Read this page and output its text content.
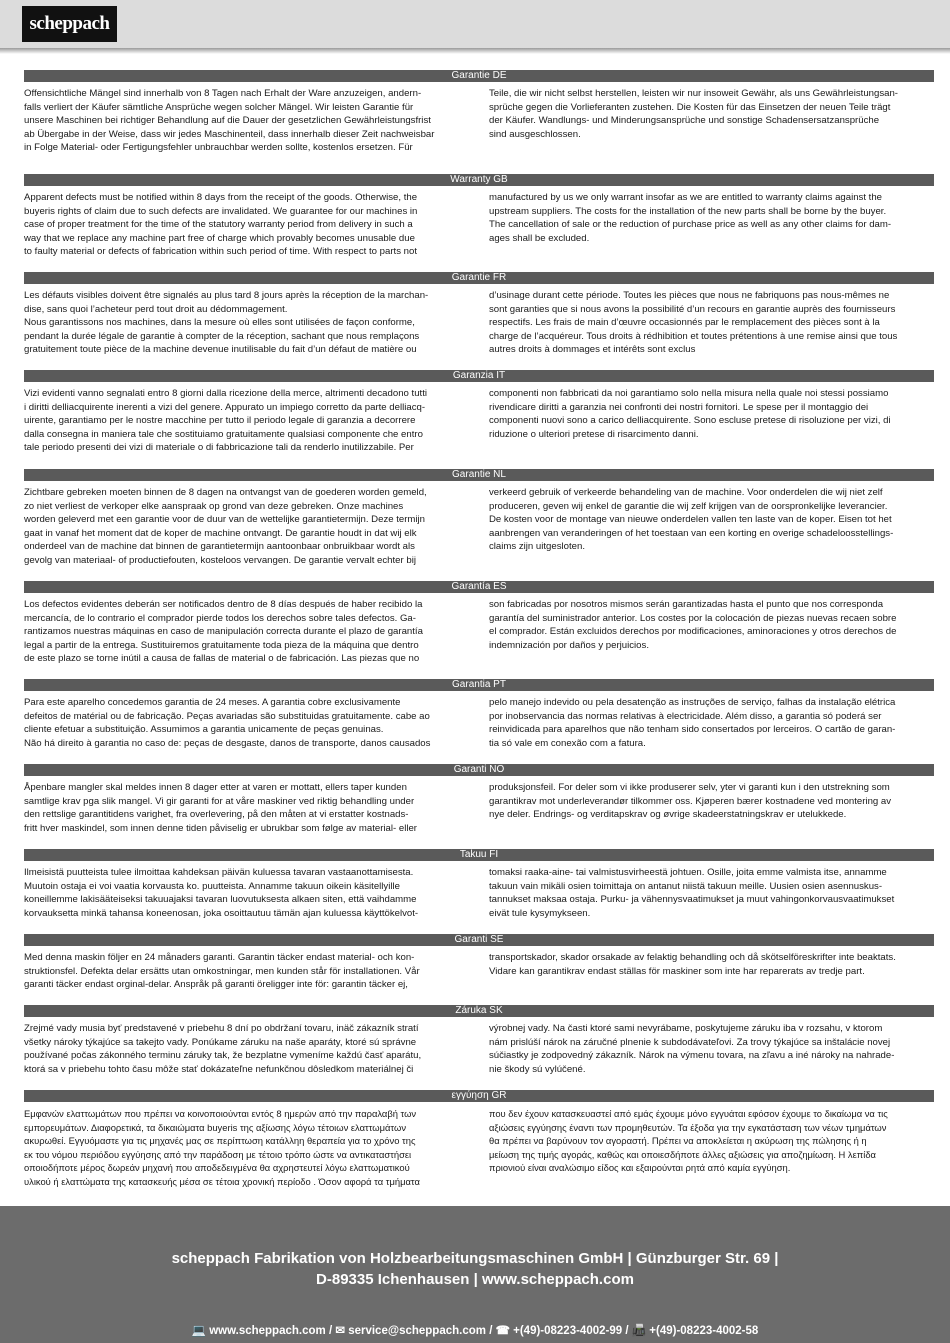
scheppach
Garantie DE
Offensichtliche Mängel sind innerhalb von 8 Tagen nach Erhalt der Ware anzuzeigen, andern-
falls verliert der Käufer sämtliche Ansprüche wegen solcher Mängel. Wir leisten Garantie für
unsere Maschinen bei richtiger Behandlung auf die Dauer der gesetzlichen Gewährleistungsfrist
ab Übergabe in der Weise, dass wir jedes Maschinenteil, dass innerhalb dieser Zeit nachweisbar
in Folge Material- oder Fertigungsfehler unbrauchbar werden sollte, kostenlos ersetzen. Für
Teile, die wir nicht selbst herstellen, leisten wir nur insoweit Gewähr, als uns Gewährleistungsan-
sprüche gegen die Vorlieferanten zustehen. Die Kosten für das Einsetzen der neuen Teile trägt
der Käufer. Wandlungs- und Minderungsansprüche und sonstige Schadensersatzansprüche
sind ausgeschlossen.
Warranty GB
Apparent defects must be notified within 8 days from the receipt of the goods. Otherwise, the
buyeris rights of claim due to such defects are invalidated. We guarantee for our machines in
case of proper treatment for the time of the statutory warranty period from delivery in such a
way that we replace any machine part free of charge which provably becomes unusable due
to faulty material or defects of fabrication within such period of time. With respect to parts not
manufactured by us we only warrant insofar as we are entitled to warranty claims against the
upstream suppliers. The costs for the installation of the new parts shall be borne by the buyer.
The cancellation of sale or the reduction of purchase price as well as any other claims for dam-
ages shall be excluded.
Garantie FR
Les défauts visibles doivent être signalés au plus tard 8 jours après la réception de la marchan-
dise, sans quoi l’acheteur perd tout droit au dédommagement.
Nous garantissons nos machines, dans la mesure où elles sont utilisées de façon conforme,
pendant la durée légale de garantie à compter de la réception, sachant que nous remplaçons
gratuitement toute pièce de la machine devenue inutilisable du fait d’un défaut de matière ou
d’usinage durant cette période. Toutes les pièces que nous ne fabriquons pas nous-mêmes ne
sont garanties que si nous avons la possibilité d’un recours en garantie auprès des fournisseurs
respectifs. Les frais de main d’œuvre occasionnés par le remplacement des pièces sont à la
charge de l’acquéreur. Tous droits à rédhibition et toutes prétentions à une remise ainsi que tous
autres droits à dommages et intérêts sont exclus
Garanzia IT
Vizi evidenti vanno segnalati entro 8 giorni dalla ricezione della merce, altrimenti decadono tutti
i diritti delliacquirente inerenti a vizi del genere. Appurato un impiego corretto da parte delliacq-
uirente, garantiamo per le nostre macchine per tutto il periodo legale di garanzia a decorrere
dalla consegna in maniera tale che sostituiamo gratuitamente qualsiasi componente che entro
tale periodo presenti dei vizi di materiale o di fabbricazione tali da renderlo inutilizzabile. Per
componenti non fabbricati da noi garantiamo solo nella misura nella quale noi stessi possiamo
rivendicare diritti a garanzia nei confronti dei nostri fornitori. Le spese per il montaggio dei
componenti nuovi sono a carico delliacquirente. Sono escluse pretese di risoluzione per vizi, di
riduzione o ulteriori pretese di risarcimento danni.
Garantie NL
Zichtbare gebreken moeten binnen de 8 dagen na ontvangst van de goederen worden gemeld,
zo niet verliest de verkoper elke aanspraak op grond van deze gebreken. Onze machines
worden geleverd met een garantie voor de duur van de wettelijke garantietermijn. Deze termijn
gaat in vanaf het moment dat de koper de machine ontvangt. De garantie houdt in dat wij elk
onderdeel van de machine dat binnen de garantietermijn aantoonbaar onbruikbaar wordt als
gevolg van materiaal- of productiefouten, kosteloos vervangen. De garantie vervalt echter bij
verkeerd gebruik of verkeerde behandeling van de machine. Voor onderdelen die wij niet zelf
produceren, geven wij enkel de garantie die wij zelf krijgen van de oorspronkelijke leverancier.
De kosten voor de montage van nieuwe onderdelen vallen ten laste van de koper. Eisen tot het
aanbrengen van veranderingen of het toestaan van een korting en overige schadeloosstellings-
claims zijn uitgesloten.
Garantía ES
Los defectos evidentes deberán ser notificados dentro de 8 días después de haber recibido la
mercancía, de lo contrario el comprador pierde todos los derechos sobre tales defectos. Ga-
rantizamos nuestras máquinas en caso de manipulación correcta durante el plazo de garantía
legal a partir de la entrega. Sustituiremos gratuitamente toda pieza de la máquina que dentro
de este plazo se torne inútil a causa de fallas de material o de fabricación. Las piezas que no
son fabricadas por nosotros mismos serán garantizadas hasta el punto que nos corresponda
garantía del suministrador anterior. Los costes por la colocación de piezas nuevas recaen sobre
el comprador. Están excluidos derechos por modificaciones, aminoraciones y otros derechos de
indemnización por daños y perjuicios.
Garantia PT
Para este aparelho concedemos garantia de 24 meses. A garantia cobre exclusivamente
defeitos de matérial ou de fabricação. Peças avariadas são substituidas gratuitamente. cabe ao
cliente efetuar a substituição. Assumimos a garantia unicamente de peças genuinas.
Não há direito à garantia no caso de: peças de desgaste, danos de transporte, danos causados
pelo manejo indevido ou pela desatenção as instruções de serviço, falhas da instalação elétrica
por inobservancia das normas relativas à electricidade. Além disso, a garantia só poderá ser
reinvidicada para aparelhos que não tenham sido consertados por lerceiros. O cartão de garan-
tia só vale em conexão com a fatura.
Garanti NO
Åpenbare mangler skal meldes innen 8 dager etter at varen er mottatt, ellers taper kunden
samtlige krav pga slik mangel. Vi gir garanti for at våre maskiner ved riktig behandling under
den rettslige garantitidens varighet, fra overlevering, på den måten at vi erstatter kostnads-
fritt hver maskindel, som innen denne tiden påviselig er ubrukbar som følge av material- eller
produksjonsfeil. For deler som vi ikke produserer selv, yter vi garanti kun i den utstrekning som
garantikrav mot underleverandør tilkommer oss. Kjøperen bærer kostnadene ved montering av
nye deler. Endrings- og verditapskrav og øvrige skadeerstatningskrav er utelukkede.
Takuu FI
Ilmeisistä puutteista tulee ilmoittaa kahdeksan päivän kuluessa tavaran vastaanottamisesta.
Muutoin ostaja ei voi vaatia korvausta ko. puutteista. Annamme takuun oikein käsitellyille
koneillemme lakisääteiseksi takuuajaksi tavaran luovutuksesta alkaen siten, että vaihdamme
korvauksetta minkä tahansa koneenosan, joka osoittautuu tämän ajan kuluessa käyttökelvot-
tomaksi raaka-aine- tai valmistusvirheestä johtuen. Osille, joita emme valmista itse, annamme
takuun vain mikäli osien toimittaja on antanut niistä takuun meille. Uusien osien asennuskus-
tannukset maksaa ostaja. Purku- ja vähennysvaatimukset ja muut vahingonkorvausvaatimukset
eivät tule kysymykseen.
Garanti SE
Med denna maskin följer en 24 månaders garanti. Garantin täcker endast material- och kon-
struktionsfel. Defekta delar ersätts utan omkostningar, men kunden står för installationen. Vår
garanti täcker endast orginal-delar. Anspråk på garanti öreligger inte för: garantin täcker ej,
transportskador, skador orsakade av felaktig behandling och då skötselföreskrifter inte beaktats.
Vidare kan garantikrav endast ställas för maskiner som inte har reparerats av tredje part.
Záruka SK
Zrejmé vady musia byť predstavené v priebehu 8 dní po obdržaní tovaru, inäč zákazník stratí
všetky nároky týkajúce sa takejto vady. Ponúkame záruku na naše aparáty, ktoré sú správne
používané počas zákonného terminu záruky tak, že bezplatne vymeníme každú časť aparátu,
ktorá sa v priebehu tohto času môže stať dokázateľne nefunkčnou dôsledkom materiálnej či
výrobnej vady. Na časti ktoré sami nevyrábame, poskytujeme záruku iba v rozsahu, v ktorom
nám prislúší nárok na záručné plnenie k subdodávateľovi. Za trovy týkajúce sa inštalácie novej
súčiastky je zodpovedný zákazník. Nárok na výmenu tovara, na zľavu a iné nároky na nahrade-
nie škody sú vylúčené.
εγγύηση GR
Εμφανών ελαττωμάτων που πρέπει να κοινοποιούνται εντός 8 ημερών από την παραλαβή των
εμπορευμάτων. Διαφορετικά, τα δικαιώματα buyeris της αξίωσης λόγω τέτοιων ελαττωμάτων
ακυρωθεί. Εγγυόμαστε για τις μηχανές μας σε περίπτωση κατάλληη θεραπεία για το χρόνο της
εκ του νόμου περιόδου εγγύησης από την παράδοση με τέτοιο τρόπο ώστε να αντικαταστήσει
οποιοδήποτε μέρος δωρεάν μηχανή που αποδεδειγμένα θα αχρηστευτεί λόγω ελαττωματικού
υλικού ή ελαττώματα της κατασκευής μέσα σε τέτοια χρονική περίοδο . Όσον αφορά τα τμήματα
που δεν έχουν κατασκευαστεί από εμάς έχουμε μόνο εγγυάται εφόσον έχουμε το δικαίωμα να τις
αξιώσεις εγγύησης έναντι των προμηθευτών. Τα έξοδα για την εγκατάσταση των νέων τμημάτων
θα πρέπει να βαρύνουν τον αγοραστή. Πρέπει να αποκλείεται η ακύρωση της πώλησης ή η
μείωση της τιμής αγοράς, καθώς και οποιεσδήποτε άλλες αξιώσεις για αποζημίωση. Η λεπίδα
πριονιού είναι αναλώσιμο είδος και εξαιρούνται ρητά από καμία εγγύηση.
scheppach Fabrikation von Holzbearbeitungsmaschinen GmbH | Günzburger Str. 69 |
D-89335 Ichenhausen | www.scheppach.com
💻 www.scheppach.com / ✉ service@scheppach.com / ☎ +(49)-08223-4002-99 / 📠 +(49)-08223-4002-58
